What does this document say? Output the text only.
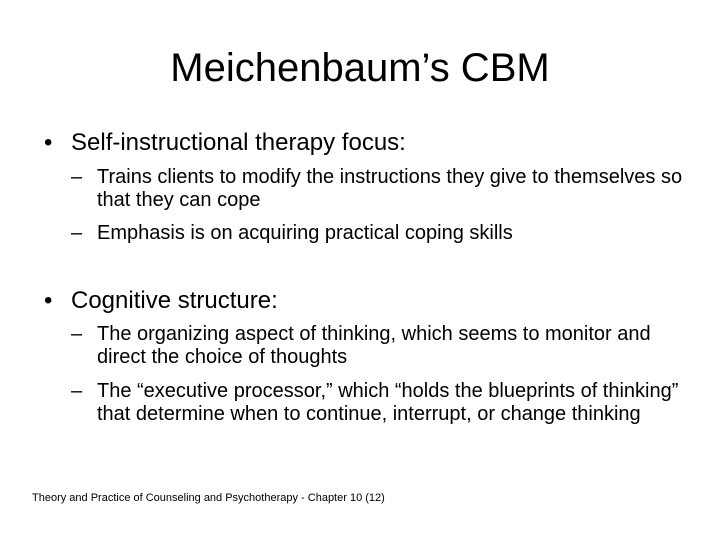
Meichenbaum’s CBM
• Self-instructional therapy focus:
– Trains clients to modify the instructions they give to themselves so that they can cope
– Emphasis is on acquiring practical coping skills
• Cognitive structure:
– The organizing aspect of thinking, which seems to monitor and direct the choice of thoughts
– The “executive processor,” which “holds the blueprints of thinking” that determine when to continue, interrupt, or change thinking
Theory and Practice of Counseling and Psychotherapy - Chapter 10 (12)
